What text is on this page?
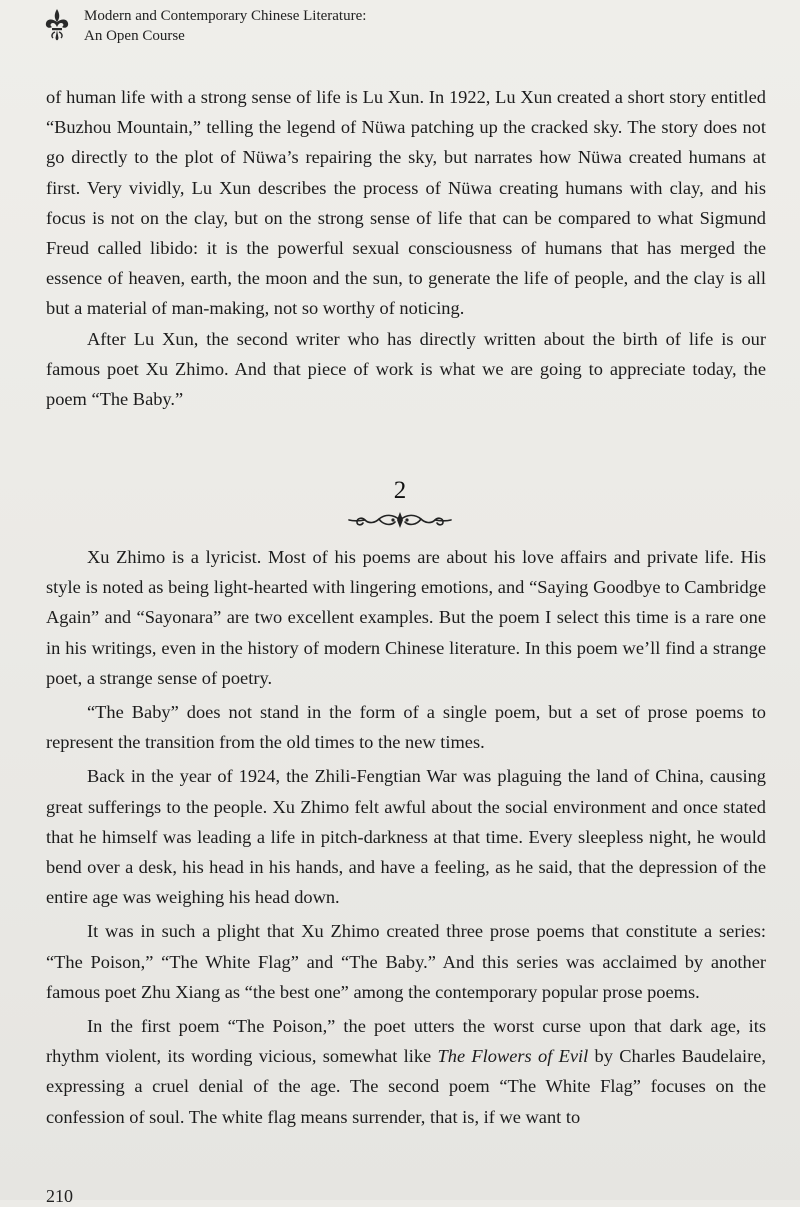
Modern and Contemporary Chinese Literature:
An Open Course

of human life with a strong sense of life is Lu Xun. In 1922, Lu Xun created a short story entitled “Buzhou Mountain,” telling the legend of Nüwa patching up the cracked sky. The story does not go directly to the plot of Nüwa’s repairing the sky, but narrates how Nüwa created humans at first. Very vividly, Lu Xun describes the process of Nüwa creating humans with clay, and his focus is not on the clay, but on the strong sense of life that can be compared to what Sigmund Freud called libido: it is the powerful sexual consciousness of humans that has merged the essence of heaven, earth, the moon and the sun, to generate the life of people, and the clay is all but a material of man-making, not so worthy of noticing.

After Lu Xun, the second writer who has directly written about the birth of life is our famous poet Xu Zhimo. And that piece of work is what we are going to appreciate today, the poem “The Baby.”

2

Xu Zhimo is a lyricist. Most of his poems are about his love affairs and private life. His style is noted as being light-hearted with lingering emotions, and “Saying Goodbye to Cambridge Again” and “Sayonara” are two excellent examples. But the poem I select this time is a rare one in his writings, even in the history of modern Chinese literature. In this poem we’ll find a strange poet, a strange sense of poetry.

“The Baby” does not stand in the form of a single poem, but a set of prose poems to represent the transition from the old times to the new times.

Back in the year of 1924, the Zhili-Fengtian War was plaguing the land of China, causing great sufferings to the people. Xu Zhimo felt awful about the social environment and once stated that he himself was leading a life in pitch-darkness at that time. Every sleepless night, he would bend over a desk, his head in his hands, and have a feeling, as he said, that the depression of the entire age was weighing his head down.

It was in such a plight that Xu Zhimo created three prose poems that constitute a series: “The Poison,” “The White Flag” and “The Baby.” And this series was acclaimed by another famous poet Zhu Xiang as “the best one” among the contemporary popular prose poems.

In the first poem “The Poison,” the poet utters the worst curse upon that dark age, its rhythm violent, its wording vicious, somewhat like The Flowers of Evil by Charles Baudelaire, expressing a cruel denial of the age. The second poem “The White Flag” focuses on the confession of soul. The white flag means surrender, that is, if we want to

210
